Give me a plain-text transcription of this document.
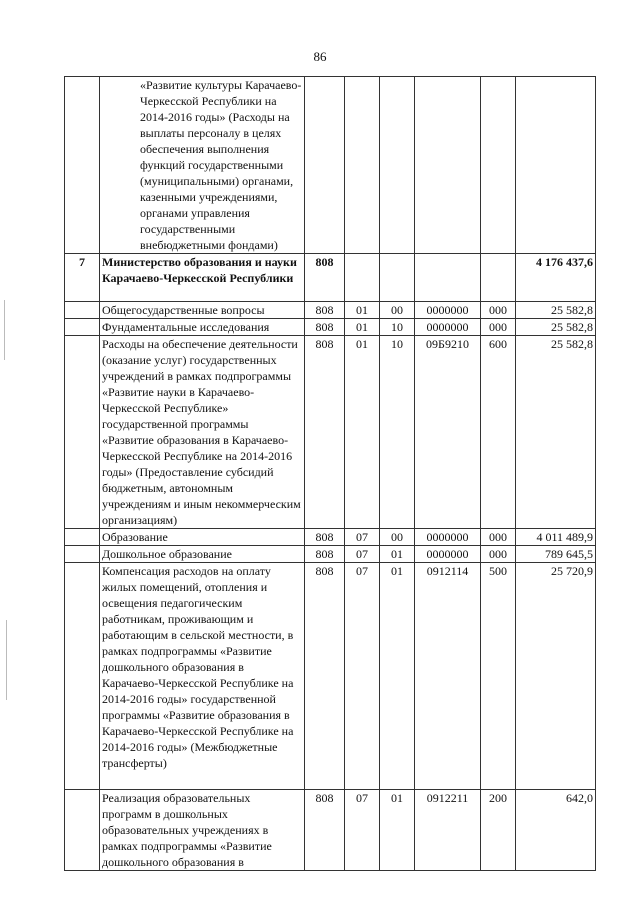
86
	«Развитие культуры Карачаево-Черкесской Республики на 2014-2016 годы» (Расходы на выплаты персоналу в целях обеспечения выполнения функций государственными (муниципальными) органами, казенными учреждениями, органами управления государственными внебюджетными фондами)						
7	Министерство образования и науки Карачаево-Черкесской Республики	808					4 176 437,6
	Общегосударственные вопросы	808	01	00	0000000	000	25 582,8
	Фундаментальные исследования	808	01	10	0000000	000	25 582,8
	Расходы на обеспечение деятельности (оказание услуг) государственных учреждений в рамках подпрограммы «Развитие науки в Карачаево-Черкесской Республике» государственной программы «Развитие образования в Карачаево-Черкесской Республике на 2014-2016 годы» (Предоставление субсидий бюджетным, автономным учреждениям и иным некоммерческим организациям)	808	01	10	09Б9210	600	25 582,8
	Образование	808	07	00	0000000	000	4 011 489,9
	Дошкольное образование	808	07	01	0000000	000	789 645,5
	Компенсация расходов на оплату жилых помещений, отопления и освещения педагогическим работникам, проживающим и работающим в сельской местности, в рамках подпрограммы «Развитие дошкольного образования в Карачаево-Черкесской Республике на 2014-2016 годы» государственной программы «Развитие образования в Карачаево-Черкесской Республике на 2014-2016 годы» (Межбюджетные трансферты)	808	07	01	0912114	500	25 720,9
	Реализация образовательных программ в дошкольных образовательных учреждениях в рамках подпрограммы «Развитие дошкольного образования в	808	07	01	0912211	200	642,0
